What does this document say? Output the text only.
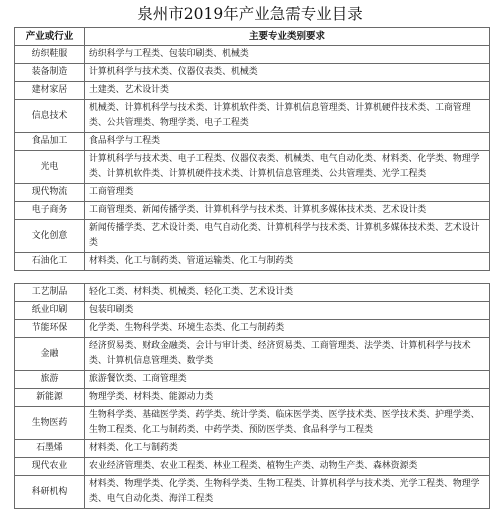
泉州市2019年产业急需专业目录
产业或行业	主要专业类别要求
纺织鞋服	纺织科学与工程类、包装印刷类、机械类
装备制造	计算机科学与技术类、仪器仪表类、机械类
建材家居	土建类、艺术设计类
信息技术	机械类、计算机科学与技术类、计算机软件类、计算机信息管理类、计算机硬件技术类、工商管理类、公共管理类、物理学类、电子工程类
食品加工	食品科学与工程类
光电	计算机科学与技术类、电子工程类、仪器仪表类、机械类、电气自动化类、材料类、化学类、物理学类、计算机软件类、计算机硬件技术类、计算机信息管理类、公共管理类、光学工程类
现代物流	工商管理类
电子商务	工商管理类、新闻传播学类、计算机科学与技术类、计算机多媒体技术类、艺术设计类
文化创意	新闻传播学类、艺术设计类、电气自动化类、计算机科学与技术类、计算机多媒体技术类、艺术设计类
石油化工	材料类、化工与制药类、管道运输类、化工与制药类
工艺制品	轻化工类、材料类、机械类、轻化工类、艺术设计类
纸业印刷	包装印刷类
节能环保	化学类、生物科学类、环境生态类、化工与制药类
金融	经济贸易类、财政金融类、会计与审计类、经济贸易类、工商管理类、法学类、计算机科学与技术类、计算机信息管理类、数学类
旅游	旅游餐饮类、工商管理类
新能源	物理学类、材料类、能源动力类
生物医药	生物科学类、基础医学类、药学类、统计学类、临床医学类、医学技术类、医学技术类、护理学类、生物工程类、化工与制药类、中药学类、预防医学类、食品科学与工程类
石墨烯	材料类、化工与制药类
现代农业	农业经济管理类、农业工程类、林业工程类、植物生产类、动物生产类、森林资源类
科研机构	材料类、物理学类、化学类、生物科学类、生物工程类、计算机科学与技术类、光学工程类、物理学类、电气自动化类、海洋工程类
